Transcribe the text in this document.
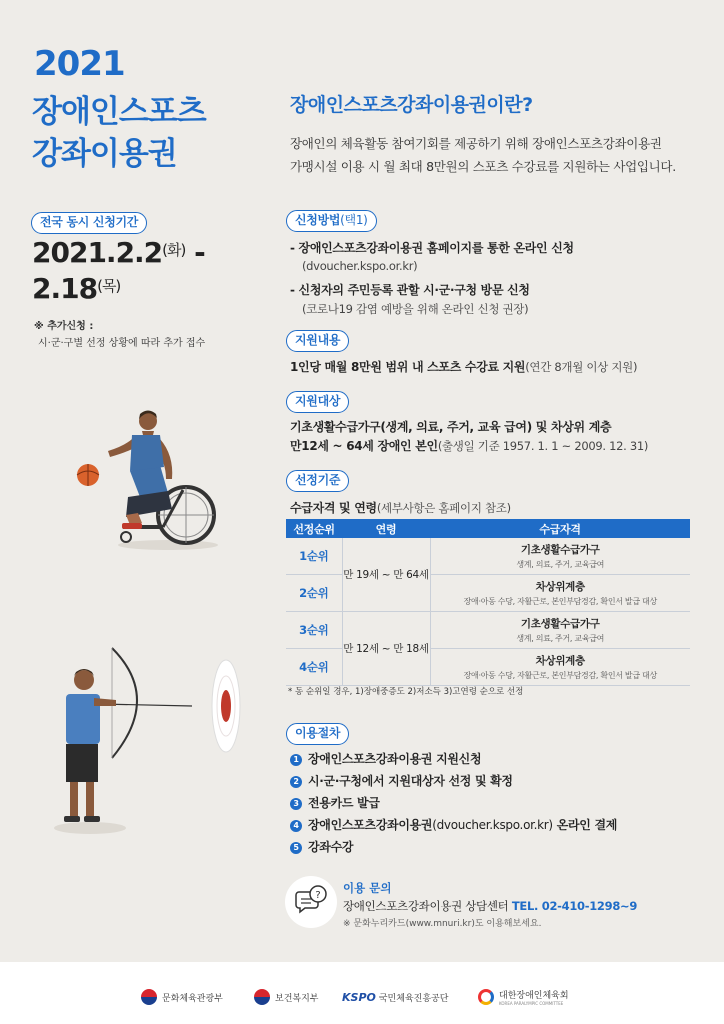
2021
장애인스포츠
강좌이용권
장애인스포츠강좌이용권이란?
장애인의 체육활동 참여기회를 제공하기 위해 장애인스포츠강좌이용권
가맹시설 이용 시 월 최대 8만원의 스포츠 수강료를 지원하는 사업입니다.
전국 동시 신청기간
$2021.2.2^{(화)}$ -
$2.18^{(목)}$
※ 추가신청 :
시·군·구별 선정 상황에 따라 추가 접수
신청방법(택1)
- 장애인스포츠강좌이용권 홈페이지를 통한 온라인 신청
(dvoucher.kspo.or.kr)
- 신청자의 주민등록 관할 시·군·구청 방문 신청
(코로나19 감염 예방을 위해 온라인 신청 권장)
지원내용
1인당 매월 8만원 범위 내 스포츠 수강료 지원(연간 8개월 이상 지원)
지원대상
기초생활수급가구(생계, 의료, 주거, 교육 급여) 및 차상위 계층
만12세 ~ 64세 장애인 본인(출생일 기준 1957. 1. 1 ~ 2009. 12. 31)
선정기준
수급자격 및 연령(세부사항은 홈페이지 참조)
선정순위	연령	수급자격
1순위	만 19세 ~ 만 64세	기초생활수급가구
생계, 의료, 주거, 교육급여

2순위		차상위계층
장애·아동 수당, 자활근로, 본인부담경감, 확인서 발급 대상

3순위	만 12세 ~ 만 18세	기초생활수급가구
생계, 의료, 주거, 교육급여

4순위		차상위계층
장애·아동 수당, 자활근로, 본인부담경감, 확인서 발급 대상
* 동 순위일 경우, 1)장애중증도 2)저소득 3)고연령 순으로 선정
이용절차
1 장애인스포츠강좌이용권 지원신청
2 시·군·구청에서 지원대상자 선정 및 확정
3 전용카드 발급
4 장애인스포츠강좌이용권(dvoucher.kspo.or.kr) 온라인 결제
5 강좌수강
?
이용 문의
장애인스포츠강좌이용권 상담센터 TEL. 02-410-1298~9
※ 문화누리카드(www.mnuri.kr)도 이용해보세요.
문화체육관광부	보건복지부 KSPO 국민체육진흥공단	대한장애인체육회
KOREA PARALYMPIC COMMITTEE
